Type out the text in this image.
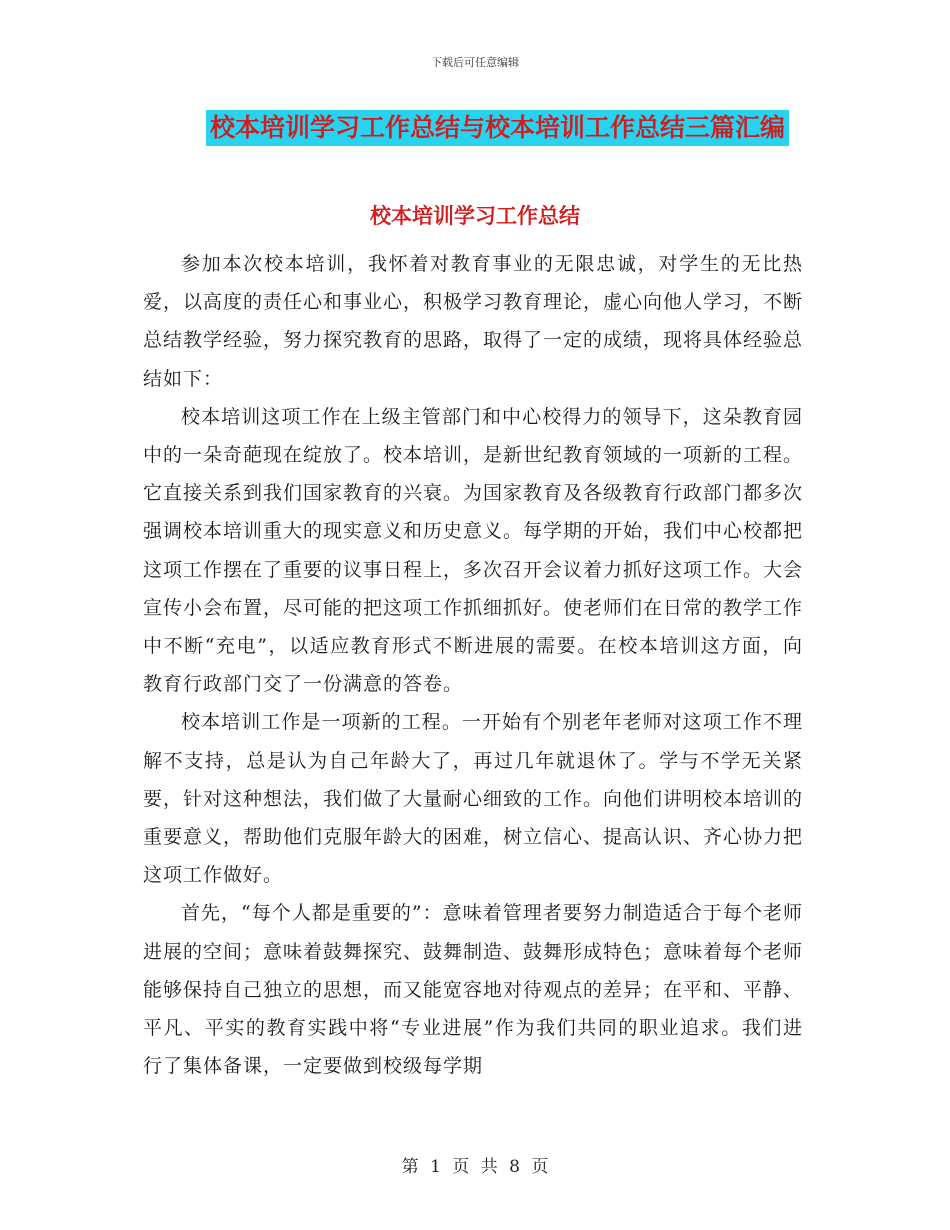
下载后可任意编辑
校本培训学习工作总结与校本培训工作总结三篇汇编
校本培训学习工作总结

参加本次校本培训，我怀着对教育事业的无限忠诚，对学生的无比热爱，以高度的责任心和事业心，积极学习教育理论，虚心向他人学习，不断总结教学经验，努力探究教育的思路，取得了一定的成绩，现将具体经验总结如下：

校本培训这项工作在上级主管部门和中心校得力的领导下，这朵教育园中的一朵奇葩现在绽放了。校本培训，是新世纪教育领域的一项新的工程。它直接关系到我们国家教育的兴衰。为国家教育及各级教育行政部门都多次强调校本培训重大的现实意义和历史意义。每学期的开始，我们中心校都把这项工作摆在了重要的议事日程上，多次召开会议着力抓好这项工作。大会宣传小会布置，尽可能的把这项工作抓细抓好。使老师们在日常的教学工作中不断“充电”，以适应教育形式不断进展的需要。在校本培训这方面，向教育行政部门交了一份满意的答卷。

校本培训工作是一项新的工程。一开始有个别老年老师对这项工作不理解不支持，总是认为自己年龄大了，再过几年就退休了。学与不学无关紧要，针对这种想法，我们做了大量耐心细致的工作。向他们讲明校本培训的重要意义，帮助他们克服年龄大的困难，树立信心、提高认识、齐心协力把这项工作做好。

首先，“每个人都是重要的”：意味着管理者要努力制造适合于每个老师进展的空间；意味着鼓舞探究、鼓舞制造、鼓舞形成特色；意味着每个老师能够保持自己独立的思想，而又能宽容地对待观点的差异；在平和、平静、平凡、平实的教育实践中将“专业进展”作为我们共同的职业追求。我们进行了集体备课，一定要做到校级每学期

第 1 页 共 8 页
